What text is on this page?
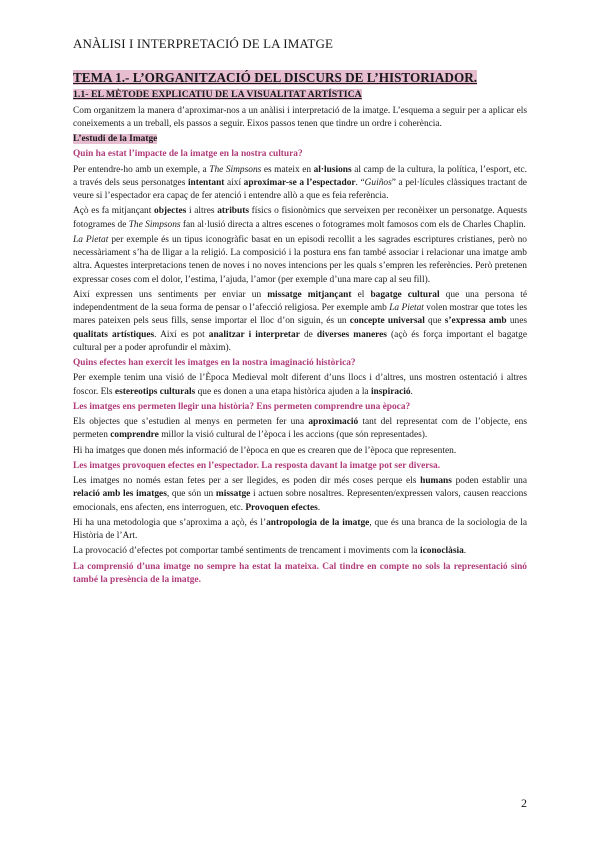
ANÀLISI I INTERPRETACIÓ DE LA IMATGE
TEMA 1.- L’ORGANITZACIÓ DEL DISCURS DE L’HISTORIADOR.
1.1- EL MÈTODE EXPLICATIU DE LA VISUALITAT ARTÍSTICA

Com organitzem la manera d’aproximar-nos a un anàlisi i interpretació de la imatge. L’esquema a seguir per a aplicar els coneixements a un treball, els passos a seguir. Eixos passos tenen que tindre un ordre i coherència.

L’estudi de la Imatge

Quin ha estat l’impacte de la imatge en la nostra cultura?

Per entendre-ho amb un exemple, a The Simpsons es mateix en al·lusions al camp de la cultura, la política, l’esport, etc. a través dels seus personatges intentant així aproximar-se a l’espectador. “Guiños” a pel·lícules clàssiques tractant de veure si l’espectador era capaç de fer atenció i entendre allò a que es feia referència.

Açò es fa mitjançant objectes i altres atributs físics o fisionòmics que serveixen per reconèixer un personatge. Aquests fotogrames de The Simpsons fan al·lusió directa a altres escenes o fotogrames molt famosos com els de Charles Chaplin.

La Pietat per exemple és un tipus iconogràfic basat en un episodi recollit a les sagrades escriptures cristianes, però no necessàriament s’ha de lligar a la religió. La composició i la postura ens fan també associar i relacionar una imatge amb altra. Aquestes interpretacions tenen de noves i no noves intencions per les quals s’empren les referències. Però pretenen expressar coses com el dolor, l’estima, l’ajuda, l’amor (per exemple d’una mare cap al seu fill).

Així expressen uns sentiments per enviar un missatge mitjançant el bagatge cultural que una persona té independentment de la seua forma de pensar o l’afecció religiosa. Per exemple amb La Pietat volen mostrar que totes les mares pateixen pels seus fills, sense importar el lloc d’on siguin, és un concepte universal que s’expressa amb unes qualitats artístiques. Així es pot analitzar i interpretar de diverses maneres (açò és força important el bagatge cultural per a poder aprofundir el màxim).

Quins efectes han exercit les imatges en la nostra imaginació històrica?

Per exemple tenim una visió de l’Època Medieval molt diferent d’uns llocs i d’altres, uns mostren ostentació i altres foscor. Els estereotips culturals que es donen a una etapa històrica ajuden a la inspiració.

Les imatges ens permeten llegir una història? Ens permeten comprendre una època?

Els objectes que s’estudien al menys en permeten fer una aproximació tant del representat com de l’objecte, ens permeten comprendre millor la visió cultural de l’època i les accions (que són representades).

Hi ha imatges que donen més informació de l’època en que es crearen que de l’època que representen.

Les imatges provoquen efectes en l’espectador. La resposta davant la imatge pot ser diversa.

Les imatges no només estan fetes per a ser llegides, es poden dir més coses perque els humans poden establir una relació amb les imatges, que són un missatge i actuen sobre nosaltres. Representen/expressen valors, causen reaccions emocionals, ens afecten, ens interroguen, etc. Provoquen efectes.

Hi ha una metodologia que s’aproxima a açò, és l’antropologia de la imatge, que és una branca de la sociologia de la Història de l’Art.

La provocació d’efectes pot comportar també sentiments de trencament i moviments com la iconoclàsia.

La comprensió d’una imatge no sempre ha estat la mateixa. Cal tindre en compte no sols la representació sinó també la presència de la imatge.

2
